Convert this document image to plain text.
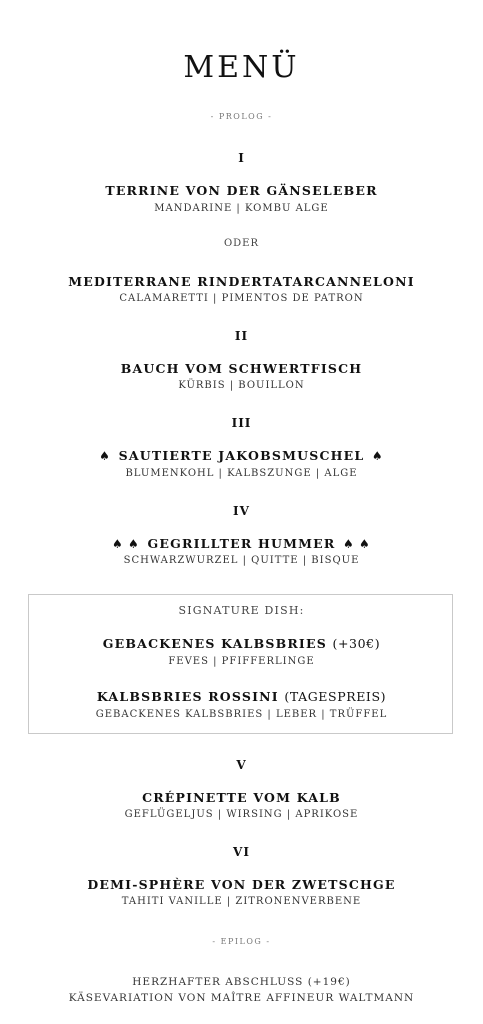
MENÜ
- PROLOG -
I
TERRINE VON DER GÄNSELEBER
MANDARINE | KOMBU ALGE
ODER
MEDITERRANE RINDERTATARCANNELONI
CALAMARETTI | PIMENTOS DE PATRON
II
BAUCH VOM SCHWERTFISCH
KÜRBIS | BOUILLON
III
♠ SAUTIERTE JAKOBSMUSCHEL ♠
BLUMENKOHL | KALBSZUNGE | ALGE
IV
♠ ♠ GEGRILLTER HUMMER ♠ ♠
SCHWARZWURZEL | QUITTE | BISQUE
SIGNATURE DISH:
GEBACKENES KALBSBRIES (+30€)
FEVES | PFIFFERLINGE
KALBSBRIES ROSSINI (TAGESPREIS)
GEBACKENES KALBSBRIES | LEBER | TRÜFFEL
V
CRÉPINETTE VOM KALB
GEFLÜGELJUS | WIRSING | APRIKOSE
VI
DEMI-SPHÈRE VON DER ZWETSCHGE
TAHITI VANILLE | ZITRONENVERBENE
- EPILOG -
HERZHAFTER ABSCHLUSS (+19€)
KÄSEVARIATION VON MAÎTRE AFFINEUR WALTMANN
